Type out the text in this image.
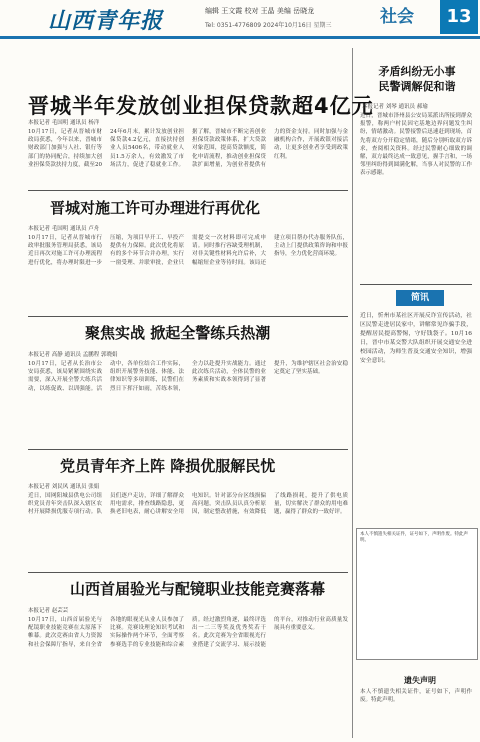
山西青年报	编辑 王文霞 校对 王晶 美编 岳晓龙
Tel: 0351-4776809 2024年10月16日 星期三	社会	13
晋城半年发放创业担保贷款超4亿元
本报记者 毛国明 通讯员 杨洋
10月17日，记者从晋城市财政局获悉，今年以来，晋城市财政部门加强与人社、银行等部门的协同配合，持续加大创业担保贷款扶持力度，截至2024年6月末，累计发放创业担保贷款4.2亿元，直接扶持创业人员5406名，带动就业人员1.5万余人，有效激发了市场活力，促进了稳就业工作。据了解，晋城市不断完善创业担保贷款政策体系，扩大贷款对象范围，提高贷款额度，简化申请流程，推动创业担保贷款扩面增量，为创业者提供有力的资金支持。同时加强与金融机构合作，开展政银对接活动，让更多创业者享受到政策红利。
晋城对施工许可办理进行再优化
本报记者 毛国明 通讯员 卢舟
10月17日，记者从晋城市行政审批服务管理局获悉，该局近日再次对施工许可办理流程进行优化，将办理时限进一步压缩，为项目早开工、早投产提供有力保障。此次优化将原有的多个环节合并办理，实行一窗受理、并联审批，企业只需提交一次材料即可完成申请。同时推行容缺受理机制，对非关键性材料允许后补，大幅缩短企业等待时间。该局还建立项目帮办代办服务队伍，主动上门提供政策咨询和申报指导，全力优化营商环境。
聚焦实战 掀起全警练兵热潮
本报记者 高静 通讯员 孟鹏程 郭晓娟
10月17日，记者从长治市公安局获悉，该局紧紧围绕实战需要，深入开展全警大练兵活动，以练促战、以训强能。活动中，各单位结合工作实际，组织开展警务技能、体能、法律知识等多项训练，民警们在烈日下挥汗如雨，苦练本领，全力以赴提升实战能力。通过此次练兵活动，全体民警的业务素质和实战本领得到了显著提升，为维护辖区社会治安稳定奠定了坚实基础。
党员青年齐上阵 降损优服解民忧
本报记者 刘民风 通讯员 张娟
近日，国网阳城县供电公司组织党员青年突击队深入辖区农村开展降损优服专项行动。队员们逐户走访，详细了解群众用电需求，排查线路隐患，更换老旧电表，耐心讲解安全用电知识。针对部分台区线损偏高问题，突击队员认真分析原因，制定整改措施，有效降低了线路损耗，提升了供电质量，切实解决了群众的用电难题，赢得了群众的一致好评。
山西首届验光与配镜职业技能竞赛落幕
本报记者 赵芸芸
10月17日，山西首届验光与配镜职业技能竞赛在太原落下帷幕。此次竞赛由省人力资源和社会保障厅指导，来自全省各地的眼视光从业人员参加了比赛。竞赛设理论知识考试和实际操作两个环节，全面考察参赛选手的专业技能和综合素质。经过激烈角逐，最终评选出一二三等奖及优秀奖若干名。此次竞赛为全省眼视光行业搭建了交流学习、展示技能的平台，对推动行业高质量发展具有重要意义。
矛盾纠纷无小事 民警调解促和谐
本报记者 刘琴 通讯员 郝瑜
近日，晋城市泽州县公安局某派出所接到群众报警，称两户村民因宅基地边界问题发生纠纷，情绪激动。民警接警后迅速赶到现场，首先将双方分开稳定情绪，随后分别听取双方诉求，查阅相关资料。经过民警耐心细致的调解，双方最终达成一致意见，握手言和，一场邻里纠纷得到圆满化解，当事人对民警的工作表示感谢。
简讯
近日，忻州市某社区开展反诈宣传活动，社区民警走进居民家中，讲解常见诈骗手段，提醒居民提高警惕，守好钱袋子。10月16日，晋中市某交警大队组织开展交通安全进校园活动，为师生普及交通安全知识，增强安全意识。
本人不慎遗失相关证件，证号如下，声明作废。特此声明。
遗失声明
本人不慎遗失相关证件，证号如下，声明作废。特此声明。
